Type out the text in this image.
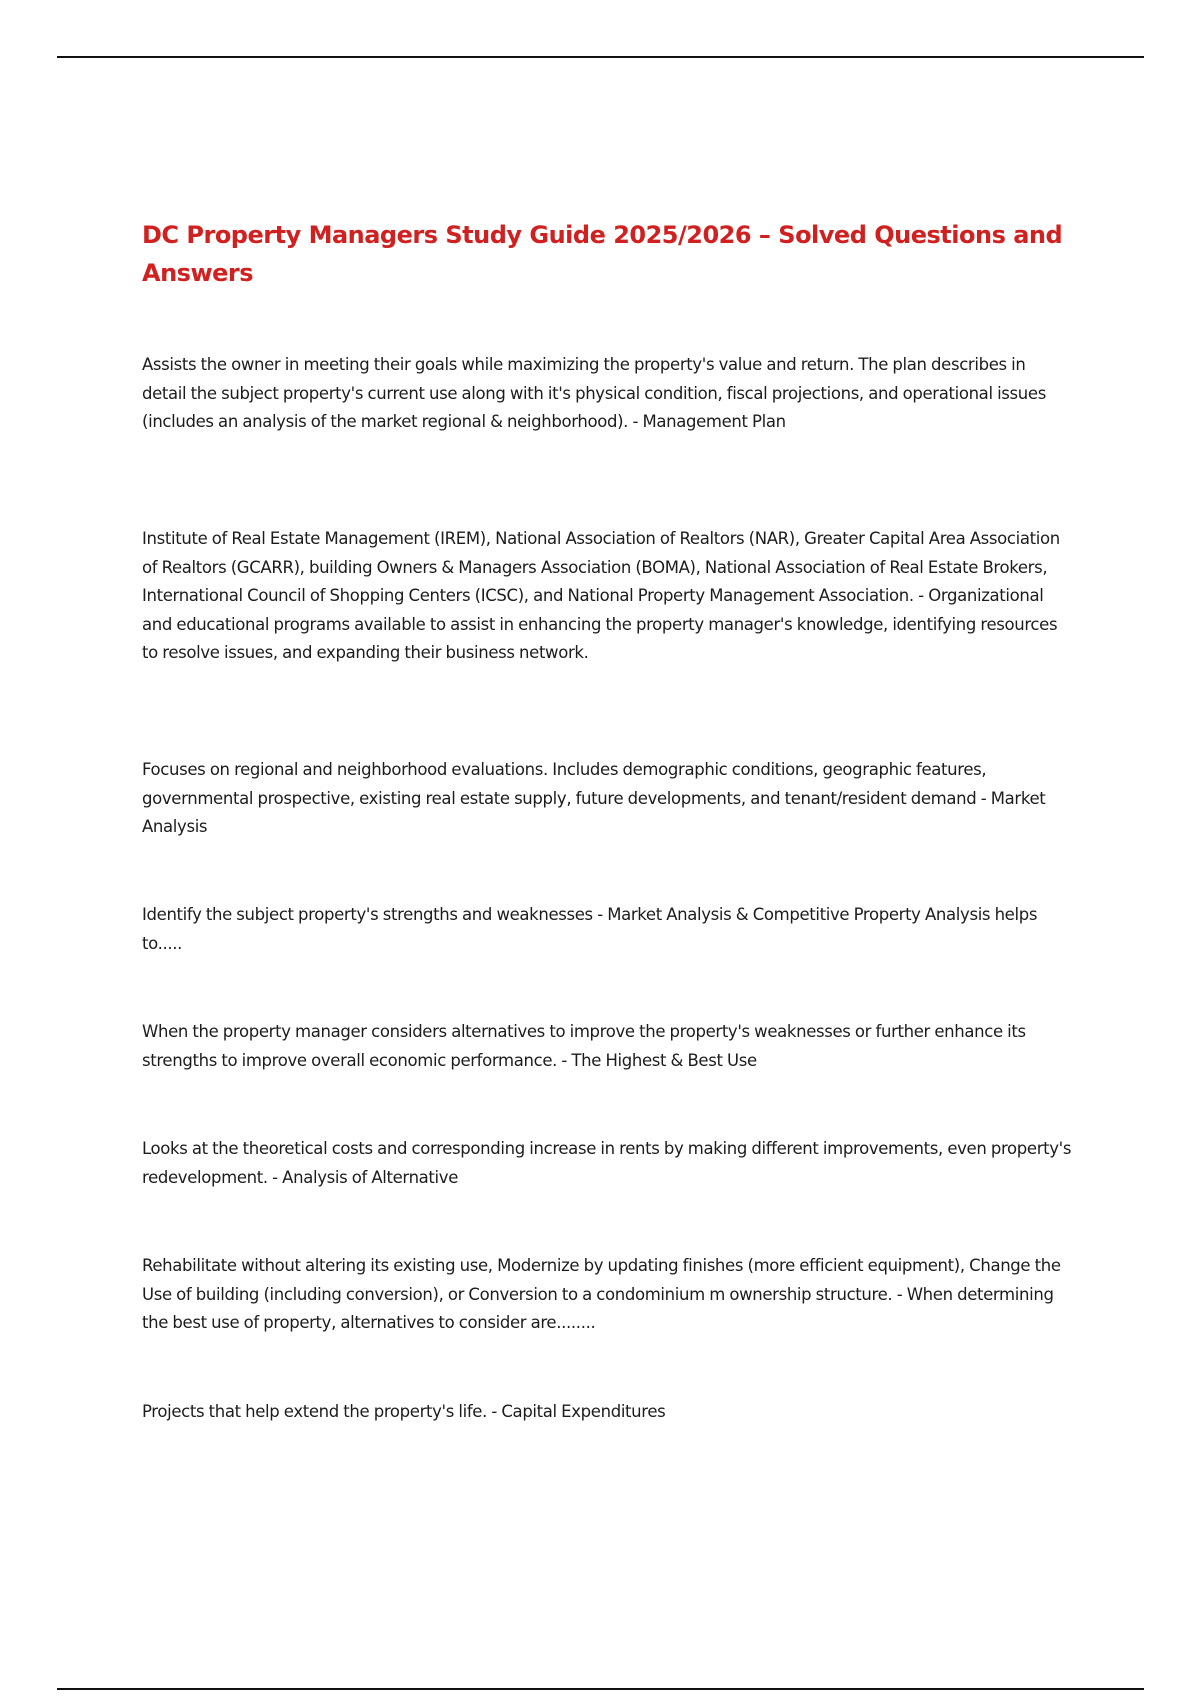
DC Property Managers Study Guide 2025/2026 – Solved Questions and Answers

Assists the owner in meeting their goals while maximizing the property's value and return. The plan describes in detail the subject property's current use along with it's physical condition, fiscal projections, and operational issues (includes an analysis of the market regional & neighborhood). - Management Plan

Institute of Real Estate Management (IREM), National Association of Realtors (NAR), Greater Capital Area Association of Realtors (GCARR), building Owners & Managers Association (BOMA), National Association of Real Estate Brokers, International Council of Shopping Centers (ICSC), and National Property Management Association. - Organizational and educational programs available to assist in enhancing the property manager's knowledge, identifying resources to resolve issues, and expanding their business network.

Focuses on regional and neighborhood evaluations. Includes demographic conditions, geographic features, governmental prospective, existing real estate supply, future developments, and tenant/resident demand - Market Analysis

Identify the subject property's strengths and weaknesses - Market Analysis & Competitive Property Analysis helps to.....

When the property manager considers alternatives to improve the property's weaknesses or further enhance its strengths to improve overall economic performance. - The Highest & Best Use

Looks at the theoretical costs and corresponding increase in rents by making different improvements, even property's redevelopment. - Analysis of Alternative

Rehabilitate without altering its existing use, Modernize by updating finishes (more efficient equipment), Change the Use of building (including conversion), or Conversion to a condominium m ownership structure. - When determining the best use of property, alternatives to consider are........

Projects that help extend the property's life. - Capital Expenditures
